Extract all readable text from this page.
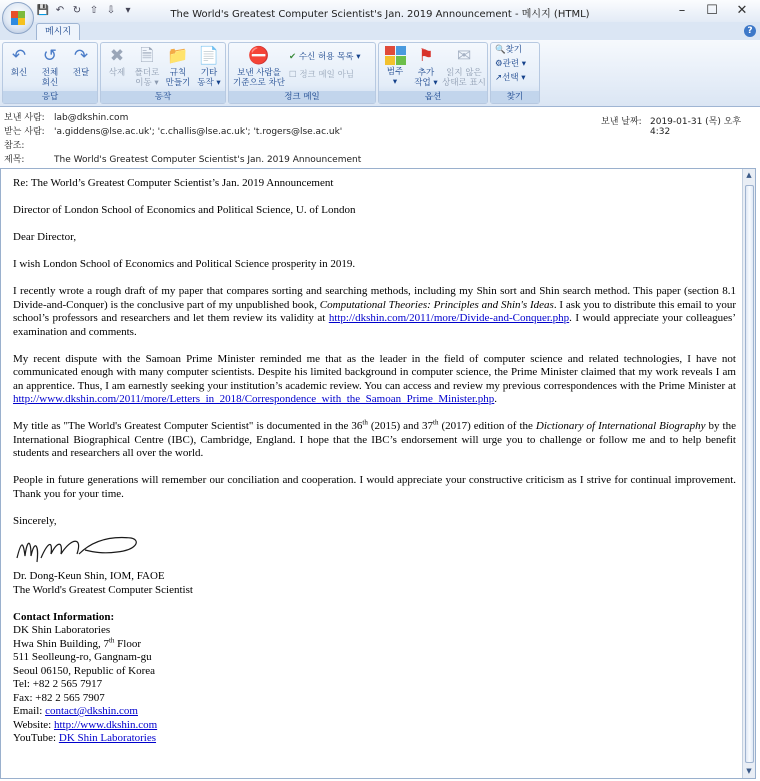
💾 ↶ ↻ ⇧ ⇩	▾	The World's Greatest Computer Scientist's Jan. 2019 Announcement - 메시지 (HTML)	–	☐	✕
메시지	?
↶
회신
↺
전체
회신
↷
전달
응답
✖
삭제
🗎
폴더로
이동 ▾
📁
규칙
만들기
📄
기타
동작 ▾
동작
⛔
보낸 사람을
기준으로 차단
✔ 수신 허용 목록 ▾
☐ 정크 메일 아님
정크 메일
범주
▾
⚑
추가
작업 ▾
✉
읽지 않은
상태로 표시
옵션
🔍찾기
⚙관련 ▾
↗선택 ▾
찾기
보낸 사람:	lab@dkshin.com
받는 사람:	'a.giddens@lse.ac.uk'; 'c.challis@lse.ac.uk'; 't.rogers@lse.ac.uk'
참조:
제목:	The World's Greatest Computer Scientist's Jan. 2019 Announcement
보낸 날짜: 2019-01-31 (목) 오후 4:32

Re: The World’s Greatest Computer Scientist’s Jan. 2019 Announcement

Director of London School of Economics and Political Science, U. of London

Dear Director,

I wish London School of Economics and Political Science prosperity in 2019.

I recently wrote a rough draft of my paper that compares sorting and searching methods, including my Shin sort and Shin search method. This paper (section 8.1 Divide-and-Conquer) is the conclusive part of my unpublished book, Computational Theories: Principles and Shin's Ideas. I ask you to distribute this email to your school’s professors and researchers and let them review its validity at http://dkshin.com/2011/more/Divide-and-Conquer.php. I would appreciate your colleagues’ examination and comments.

My recent dispute with the Samoan Prime Minister reminded me that as the leader in the field of computer science and related technologies, I have not communicated enough with many computer scientists. Despite his limited background in computer science, the Prime Minister claimed that my work reveals I am an apprentice. Thus, I am earnestly seeking your institution’s academic review. You can access and review my previous correspondences with the Prime Minister at http://www.dkshin.com/2011/more/Letters_in_2018/Correspondence_with_the_Samoan_Prime_Minister.php.

My title as "The World's Greatest Computer Scientist" is documented in the 36th (2015) and 37th (2017) edition of the Dictionary of International Biography by the International Biographical Centre (IBC), Cambridge, England. I hope that the IBC’s endorsement will urge you to challenge or follow me and to help benefit students and researchers all over the world.

People in future generations will remember our conciliation and cooperation. I would appreciate your constructive criticism as I strive for continual improvement. Thank you for your time.

Sincerely,
Dr. Dong-Keun Shin, IOM, FAOE
The World's Greatest Computer Scientist
Contact Information:
DK Shin Laboratories
Hwa Shin Building, 7th Floor
511 Seolleung-ro, Gangnam-gu
Seoul 06150, Republic of Korea
Tel: +82 2 565 7917
Fax: +82 2 565 7907
Email: contact@dkshin.com
Website: http://www.dkshin.com
YouTube: DK Shin Laboratories
▲
▼
